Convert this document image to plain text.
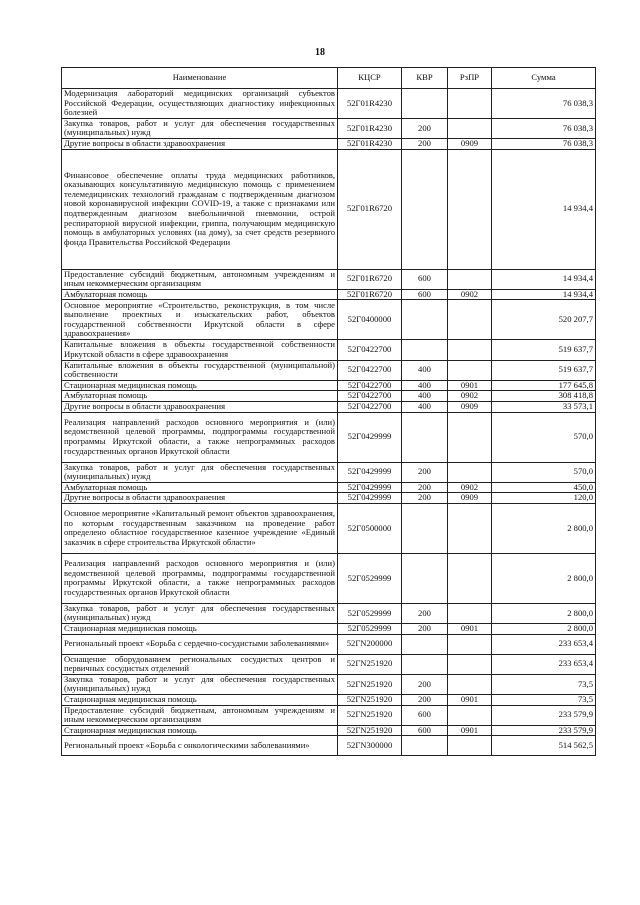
18
Наименование	КЦСР	КВР	РзПР	Сумма
Модернизация лабораторий медицинских организаций субъектов Российской Федерации, осуществляющих диагностику инфекционных болезней	52Г01R4230			76 038,3
Закупка товаров, работ и услуг для обеспечения государственных (муниципальных) нужд	52Г01R4230	200		76 038,3
Другие вопросы в области здравоохранения	52Г01R4230	200	0909	76 038,3
Финансовое обеспечение оплаты труда медицинских работников, оказывающих консультативную медицинскую помощь с применением телемедицинских технологий гражданам с подтвержденным диагнозом новой коронавирусной инфекции COVID-19, а также с признаками или подтвержденным диагнозом внебольничной пневмонии, острой респираторной вирусной инфекции, гриппа, получающим медицинскую помощь в амбулаторных условиях (на дому), за счет средств резервного фонда Правительства Российской Федерации	52Г01R6720			14 934,4
Предоставление субсидий бюджетным, автономным учреждениям и иным некоммерческим организациям	52Г01R6720	600		14 934,4
Амбулаторная помощь	52Г01R6720	600	0902	14 934,4
Основное мероприятие «Строительство, реконструкция, в том числе выполнение проектных и изыскательских работ, объектов государственной собственности Иркутской области в сфере здравоохранения»	52Г0400000			520 207,7
Капитальные вложения в объекты государственной собственности Иркутской области в сфере здравоохранения	52Г0422700			519 637,7
Капитальные вложения в объекты государственной (муниципальной) собственности	52Г0422700	400		519 637,7
Стационарная медицинская помощь	52Г0422700	400	0901	177 645,8
Амбулаторная помощь	52Г0422700	400	0902	308 418,8
Другие вопросы в области здравоохранения	52Г0422700	400	0909	33 573,1
Реализация направлений расходов основного мероприятия и (или) ведомственной целевой программы, подпрограммы государственной программы Иркутской области, а также непрограммных расходов государственных органов Иркутской области	52Г0429999			570,0
Закупка товаров, работ и услуг для обеспечения государственных (муниципальных) нужд	52Г0429999	200		570,0
Амбулаторная помощь	52Г0429999	200	0902	450,0
Другие вопросы в области здравоохранения	52Г0429999	200	0909	120,0
Основное мероприятие «Капитальный ремонт объектов здравоохранения, по которым государственным заказчиком на проведение работ определено областное государственное казенное учреждение «Единый заказчик в сфере строительства Иркутской области»	52Г0500000			2 800,0
Реализация направлений расходов основного мероприятия и (или) ведомственной целевой программы, подпрограммы государственной программы Иркутской области, а также непрограммных расходов государственных органов Иркутской области	52Г0529999			2 800,0
Закупка товаров, работ и услуг для обеспечения государственных (муниципальных) нужд	52Г0529999	200		2 800,0
Стационарная медицинская помощь	52Г0529999	200	0901	2 800,0
Региональный проект «Борьба с сердечно-сосудистыми заболеваниями»	52ГN200000			233 653,4
Оснащение оборудованием региональных сосудистых центров и первичных сосудистых отделений	52ГN251920			233 653,4
Закупка товаров, работ и услуг для обеспечения государственных (муниципальных) нужд	52ГN251920	200		73,5
Стационарная медицинская помощь	52ГN251920	200	0901	73,5
Предоставление субсидий бюджетным, автономным учреждениям и иным некоммерческим организациям	52ГN251920	600		233 579,9
Стационарная медицинская помощь	52ГN251920	600	0901	233 579,9
Региональный проект «Борьба с онкологическими заболеваниями»	52ГN300000			514 562,5
